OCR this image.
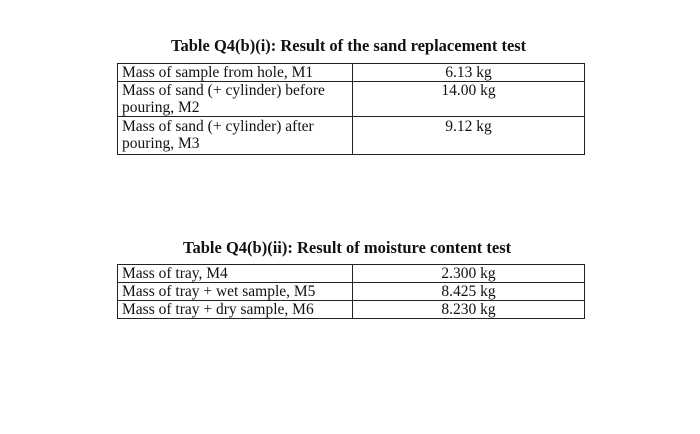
Table Q4(b)(i): Result of the sand replacement test
Mass of sample from hole, M1	6.13 kg
Mass of sand (+ cylinder) before pouring, M2	14.00 kg
Mass of sand (+ cylinder) after pouring, M3	9.12 kg
Table Q4(b)(ii): Result of moisture content test
Mass of tray, M4	2.300 kg
Mass of tray + wet sample, M5	8.425 kg
Mass of tray + dry sample, M6	8.230 kg
